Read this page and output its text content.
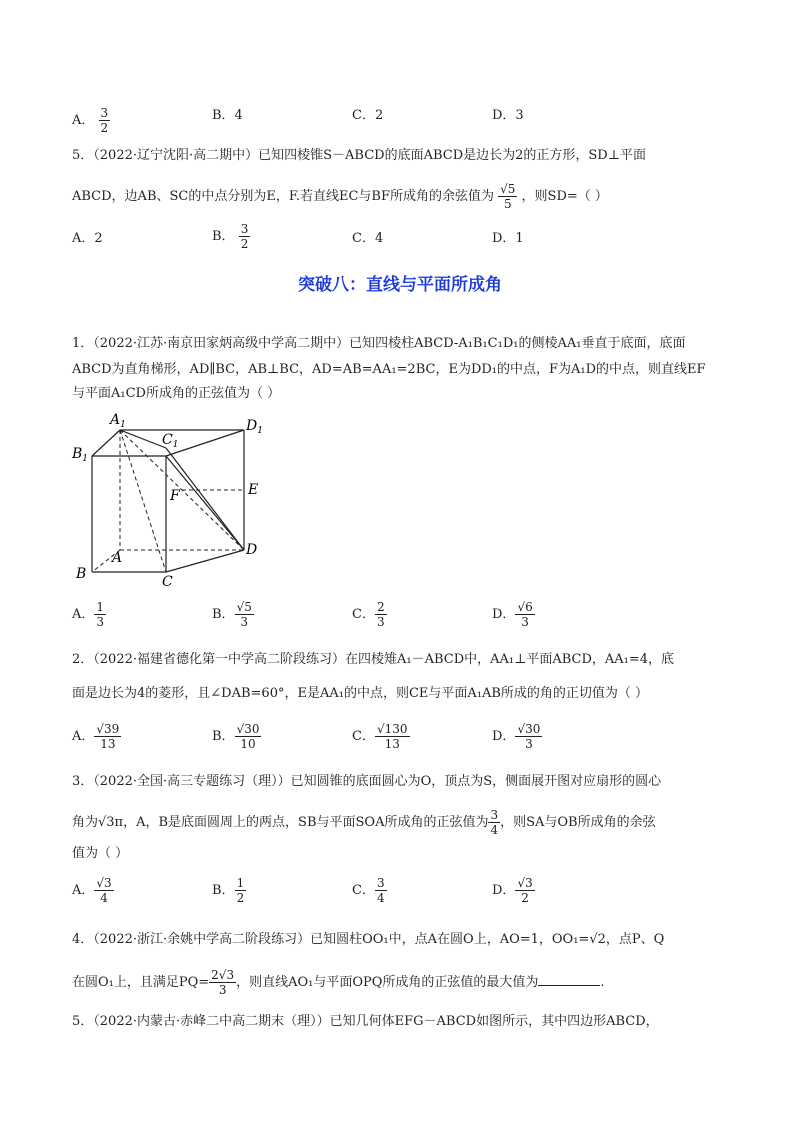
A． $\frac{3}{2}$	B．4	C．2	D．3
5．（2022·辽宁沈阳·高二期中）已知四棱锥S－ABCD的底面ABCD是边长为2的正方形，SD⊥平面
ABCD，边AB、SC的中点分别为E，F.若直线EC与BF所成角的余弦值为 $\frac{√5}{5}$ ，则SD=（ ）
A．2	B． $\frac{3}{2}$	C．4	D．1
突破八：直线与平面所成角
1．（2022·江苏·南京田家炳高级中学高二期中）已知四棱柱ABCD-A₁B₁C₁D₁的侧棱AA₁垂直于底面，底面
ABCD为直角梯形，AD∥BC，AB⊥BC，AD=AB=AA₁=2BC，E为DD₁的中点，F为A₁D的中点，则直线EF
与平面A₁CD所成角的正弦值为（ ）
$A_1$	$D_1$
$C_1$
$B_1$
E
F
A	D
B	C
A． $\frac{1}{3}$	B． $\frac{√5}{3}$	C． $\frac{2}{3}$	D． $\frac{√6}{3}$
2．（2022·福建省德化第一中学高二阶段练习）在四棱雉A₁－ABCD中，AA₁⊥平面ABCD，AA₁=4，底
面是边长为4的菱形，且∠DAB=60°，E是AA₁的中点，则CE与平面A₁AB所成的角的正切值为（ ）
A． $\frac{√39}{13}$	B． $\frac{√30}{10}$	C． $\frac{√130}{13}$	D． $\frac{√30}{3}$
3．（2022·全国·高三专题练习（理））已知圆锥的底面圆心为O，顶点为S，侧面展开图对应扇形的圆心
角为√3π，A，B是底面圆周上的两点，SB与平面SOA所成角的正弦值为 $\frac{3}{4}$ ，则SA与OB所成角的余弦
值为（ ）
A． $\frac{√3}{4}$	B． $\frac{1}{2}$	C． $\frac{3}{4}$	D． $\frac{√3}{2}$
4．（2022·浙江·余姚中学高二阶段练习）已知圆柱OO₁中，点A在圆O上，AO=1，OO₁=√2，点P、Q
在圆O₁上，且满足$PQ= \frac{2√3}{3}$ ，则直线AO₁与平面OPQ所成角的正弦值的最大值为	.
5．（2022·内蒙古·赤峰二中高二期末（理））已知几何体EFG－ABCD如图所示，其中四边形ABCD，
